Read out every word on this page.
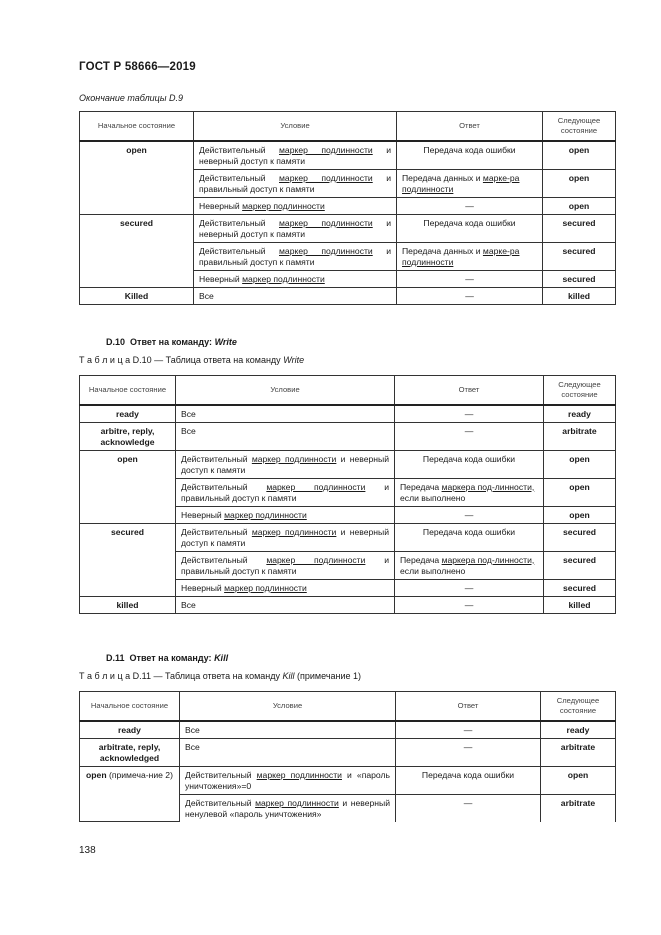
ГОСТ Р 58666—2019
Окончание таблицы D.9
Начальное состояние	Условие	Ответ	Следующее состояние
open	Действительный маркер подлинности и неверный доступ к памяти	Передача кода ошибки	open
	Действительный маркер подлинности и правильный доступ к памяти	Передача данных и марке-ра подлинности	open
	Неверный маркер подлинности	—	open
secured	Действительный маркер подлинности и неверный доступ к памяти	Передача кода ошибки	secured
	Действительный маркер подлинности и правильный доступ к памяти	Передача данных и марке-ра подлинности	secured
	Неверный маркер подлинности	—	secured
Killed	Все	—	killed
D.10 Ответ на команду: Write
Т а б л и ц а D.10 — Таблица ответа на команду Write
Начальное состояние	Условие	Ответ	Следующее состояние
ready	Все	—	ready
arbitre, reply, acknowledge	Все	—	arbitrate
open	Действительный маркер подлинности и неверный доступ к памяти	Передача кода ошибки	open
	Действительный маркер подлинности и правильный доступ к памяти	Передача маркера под-линности, если выполнено	open
	Неверный маркер подлинности	—	open
secured	Действительный маркер подлинности и неверный доступ к памяти	Передача кода ошибки	secured
	Действительный маркер подлинности и правильный доступ к памяти	Передача маркера под-линности, если выполнено	secured
	Неверный маркер подлинности	—	secured
killed	Все	—	killed
D.11 Ответ на команду: Kill
Т а б л и ц а D.11 — Таблица ответа на команду Kill (примечание 1)
Начальное состояние	Условие	Ответ	Следующее состояние
ready	Все	—	ready
arbitrate, reply, acknowledged	Все	—	arbitrate
open (примеча-ние 2)	Действительный маркер подлинности и «пароль уничтожения»=0	Передача кода ошибки	open
	Действительный маркер подлинности и неверный ненулевой «пароль уничтожения»	—	arbitrate
138
